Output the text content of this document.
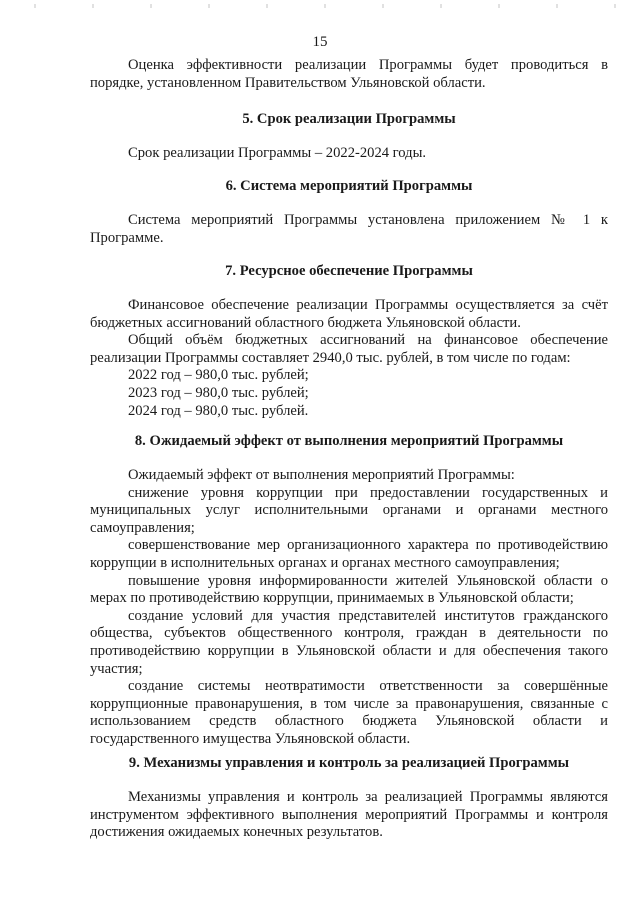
15

Оценка эффективности реализации Программы будет проводиться в порядке, установленном Правительством Ульяновской области.

5. Срок реализации Программы

Срок реализации Программы – 2022-2024 годы.

6. Система мероприятий Программы

Система мероприятий Программы установлена приложением № 1 к Программе.

7. Ресурсное обеспечение Программы

Финансовое обеспечение реализации Программы осуществляется за счёт бюджетных ассигнований областного бюджета Ульяновской области.

Общий объём бюджетных ассигнований на финансовое обеспечение реализации Программы составляет 2940,0 тыс. рублей, в том числе по годам:

2022 год – 980,0 тыс. рублей;

2023 год – 980,0 тыс. рублей;

2024 год – 980,0 тыс. рублей.

8. Ожидаемый эффект от выполнения мероприятий Программы

Ожидаемый эффект от выполнения мероприятий Программы:

снижение уровня коррупции при предоставлении государственных и муниципальных услуг исполнительными органами и органами местного самоуправления;

совершенствование мер организационного характера по противодействию коррупции в исполнительных органах и органах местного самоуправления;

повышение уровня информированности жителей Ульяновской области о мерах по противодействию коррупции, принимаемых в Ульяновской области;

создание условий для участия представителей институтов гражданского общества, субъектов общественного контроля, граждан в деятельности по противодействию коррупции в Ульяновской области и для обеспечения такого участия;

создание системы неотвратимости ответственности за совершённые коррупционные правонарушения, в том числе за правонарушения, связанные с использованием средств областного бюджета Ульяновской области и государственного имущества Ульяновской области.

9. Механизмы управления и контроль за реализацией Программы

Механизмы управления и контроль за реализацией Программы являются инструментом эффективного выполнения мероприятий Программы и контроля достижения ожидаемых конечных результатов.
